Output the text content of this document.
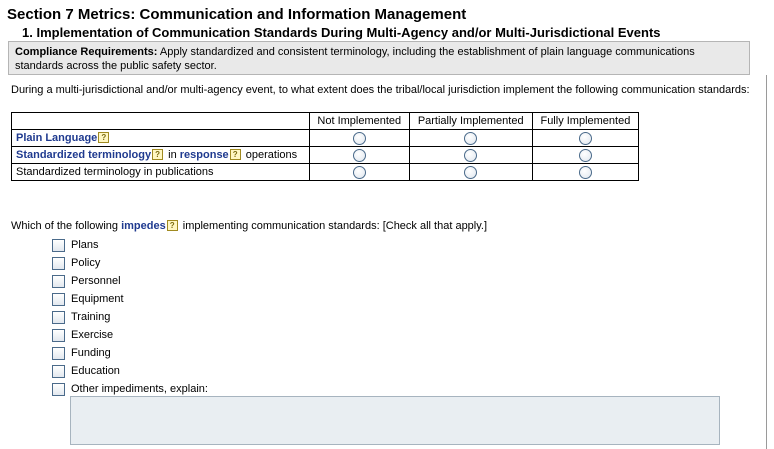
Section 7 Metrics: Communication and Information Management
1. Implementation of Communication Standards During Multi-Agency and/or Multi-Jurisdictional Events
Compliance Requirements: Apply standardized and consistent terminology, including the establishment of plain language communications standards across the public safety sector.
During a multi-jurisdictional and/or multi-agency event, to what extent does the tribal/local jurisdiction implement the following communication standards:
	Not Implemented	Partially Implemented	Fully Implemented
Plain Language ?			
Standardized terminology ? in response ? operations			
Standardized terminology in publications			
Which of the following impedes ? implementing communication standards: [Check all that apply.]
Plans
Policy
Personnel
Equipment
Training
Exercise
Funding
Education
Other impediments, explain:
